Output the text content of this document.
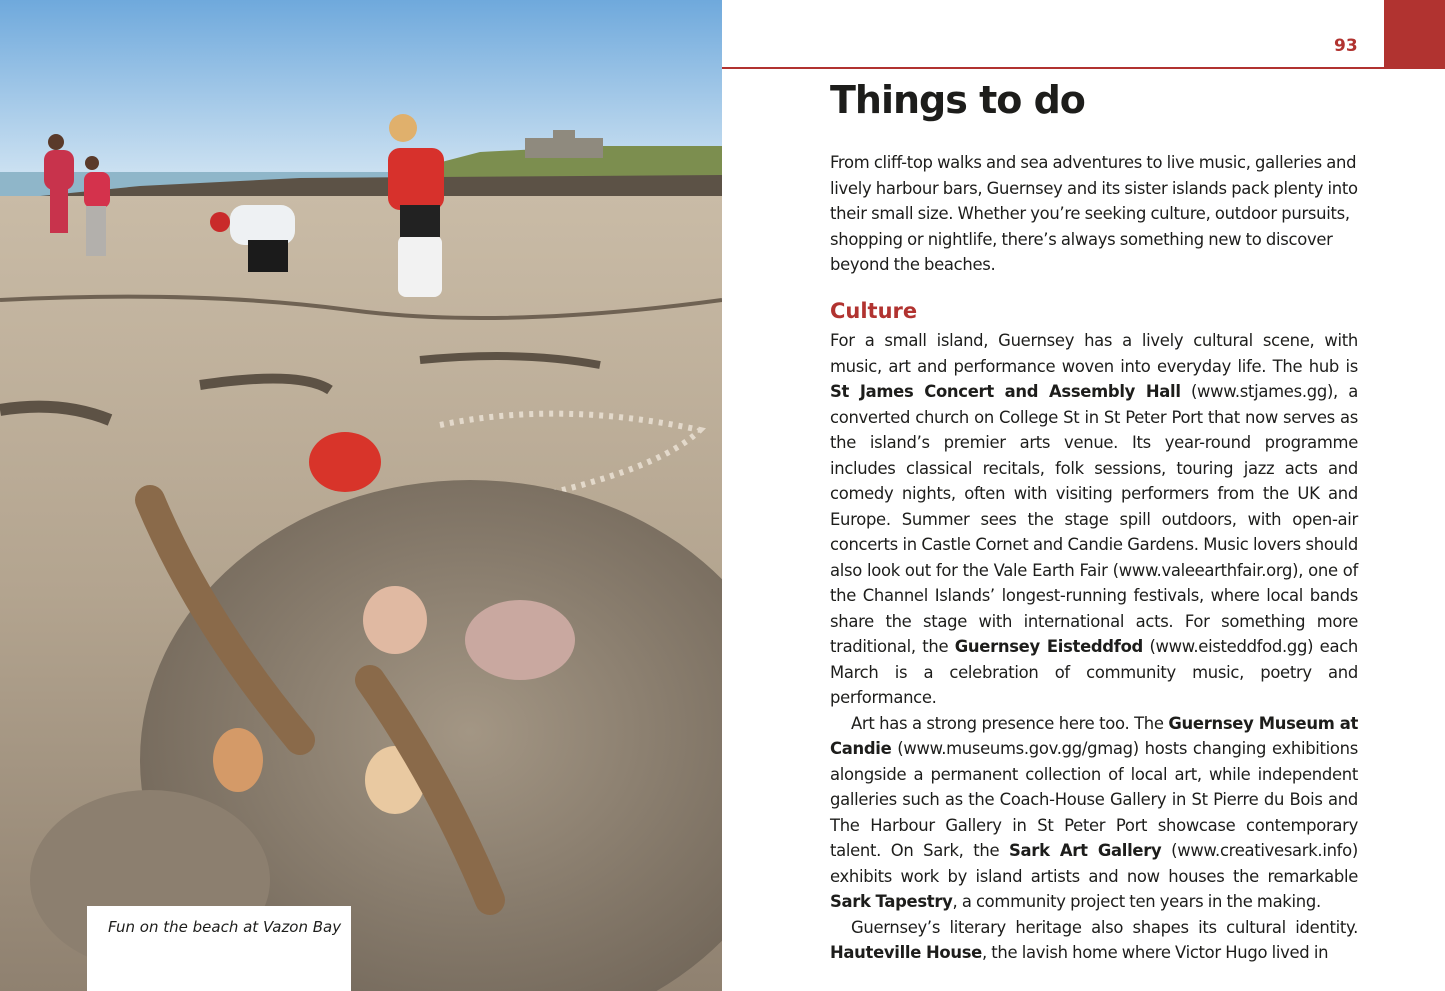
Fun on the beach at Vazon Bay
93
Things to do
From cliff-top walks and sea adventures to live music, galleries and lively harbour bars, Guernsey and its sister islands pack plenty into their small size. Whether you’re seeking culture, outdoor pursuits, shopping or nightlife, there’s always something new to discover beyond the beaches.
Culture

For a small island, Guernsey has a lively cultural scene, with music, art and performance woven into everyday life. The hub is St James Concert and Assembly Hall (www.stjames.gg), a converted church on College St in St Peter Port that now serves as the island’s premier arts venue. Its year-round programme includes classical recitals, folk sessions, touring jazz acts and comedy nights, often with visiting performers from the UK and Europe. Summer sees the stage spill outdoors, with open-air concerts in Castle Cornet and Candie Gardens. Music lovers should also look out for the Vale Earth Fair (www.valeearthfair.org), one of the Channel Islands’ longest-running festivals, where local bands share the stage with international acts. For something more traditional, the Guernsey Eisteddfod (www.eisteddfod.gg) each March is a celebration of community music, poetry and performance.

Art has a strong presence here too. The Guernsey Museum at Candie (www.museums.gov.gg/gmag) hosts changing exhibitions alongside a permanent collection of local art, while independent galleries such as the Coach-House Gallery in St Pierre du Bois and The Harbour Gallery in St Peter Port showcase contemporary talent. On Sark, the Sark Art Gallery (www.creativesark.info) exhibits work by island artists and now houses the remarkable Sark Tapestry, a community project ten years in the making.

Guernsey’s literary heritage also shapes its cultural identity. Hauteville House, the lavish home where Victor Hugo lived in
